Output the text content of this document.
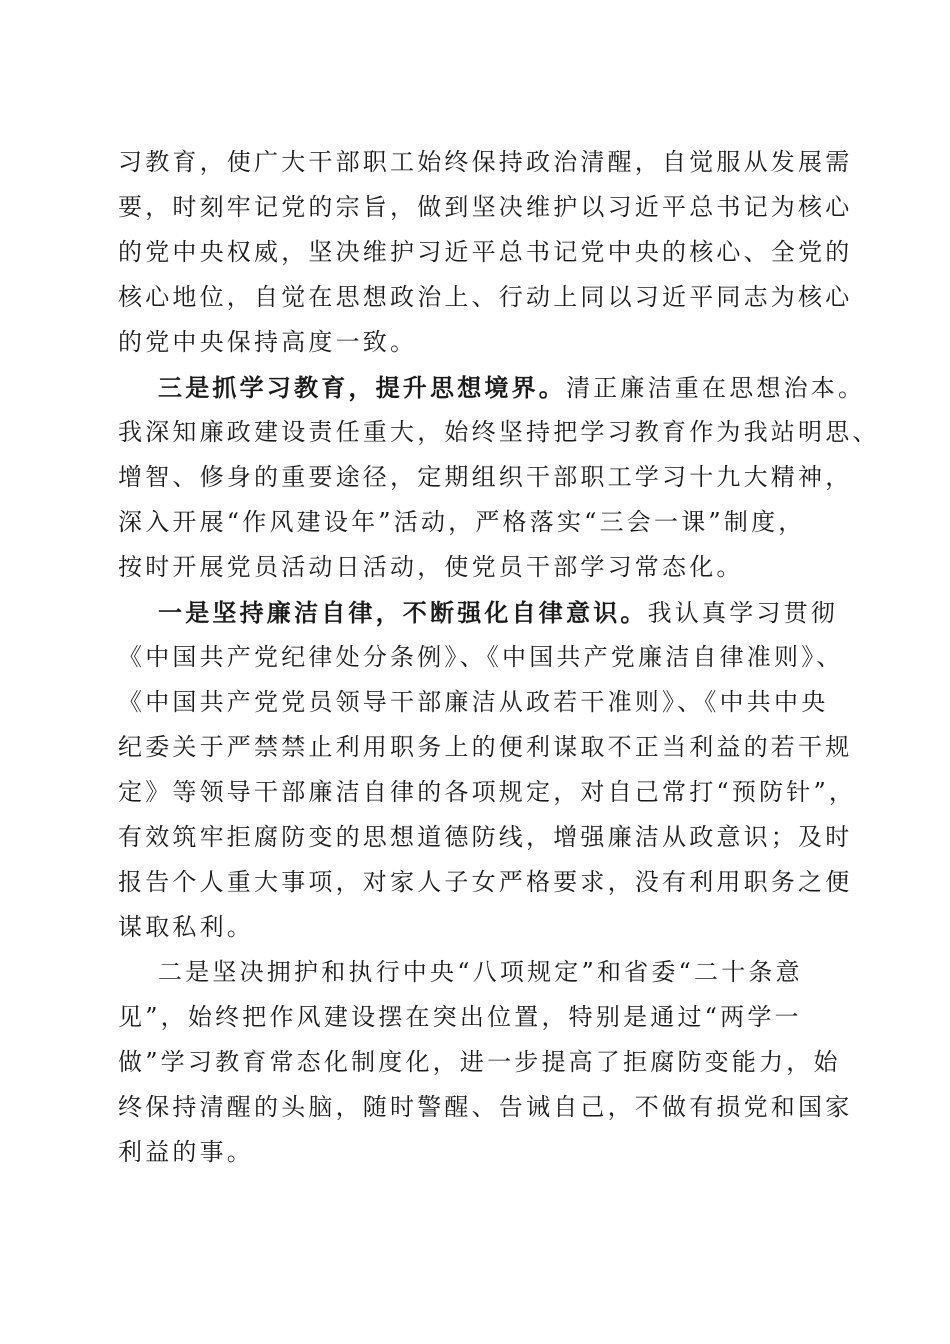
习教育，使广大干部职工始终保持政治清醒，自觉服从发展需
要，时刻牢记党的宗旨，做到坚决维护以习近平总书记为核心
的党中央权威，坚决维护习近平总书记党中央的核心、全党的
核心地位，自觉在思想政治上、行动上同以习近平同志为核心
的党中央保持高度一致。
三是抓学习教育，提升思想境界。清正廉洁重在思想治本。
我深知廉政建设责任重大，始终坚持把学习教育作为我站明思、
增智、修身的重要途径，定期组织干部职工学习十九大精神，
深入开展“作风建设年”活动，严格落实“三会一课”制度，
按时开展党员活动日活动，使党员干部学习常态化。
一是坚持廉洁自律，不断强化自律意识。我认真学习贯彻
《中国共产党纪律处分条例》、《中国共产党廉洁自律准则》、
《中国共产党党员领导干部廉洁从政若干准则》、《中共中央
纪委关于严禁禁止利用职务上的便利谋取不正当利益的若干规
定》等领导干部廉洁自律的各项规定，对自己常打“预防针”，
有效筑牢拒腐防变的思想道德防线，增强廉洁从政意识；及时
报告个人重大事项，对家人子女严格要求，没有利用职务之便
谋取私利。
二是坚决拥护和执行中央“八项规定”和省委“二十条意
见”，始终把作风建设摆在突出位置，特别是通过“两学一
做”学习教育常态化制度化，进一步提高了拒腐防变能力，始
终保持清醒的头脑，随时警醒、告诫自己，不做有损党和国家
利益的事。
